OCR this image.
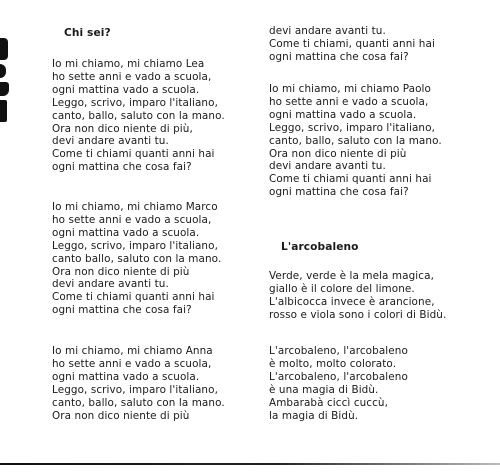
Chi sei?
Io mi chiamo, mi chiamo Lea
ho sette anni e vado a scuola,
ogni mattina vado a scuola.
Leggo, scrivo, imparo l'italiano,
canto, ballo, saluto con la mano.
Ora non dico niente di più,
devi andare avanti tu.
Come ti chiami quanti anni hai
ogni mattina che cosa fai?
Io mi chiamo, mi chiamo Marco
ho sette anni e vado a scuola,
ogni mattina vado a scuola.
Leggo, scrivo, imparo l'italiano,
canto ballo, saluto con la mano.
Ora non dico niente di più
devi andare avanti tu.
Come ti chiami quanti anni hai
ogni mattina che cosa fai?
Io mi chiamo, mi chiamo Anna
ho sette anni e vado a scuola,
ogni mattina vado a scuola.
Leggo, scrivo, imparo l'italiano,
canto, ballo, saluto con la mano.
Ora non dico niente di più
devi andare avanti tu.
Come ti chiami, quanti anni hai
ogni mattina che cosa fai?
Io mi chiamo, mi chiamo Paolo
ho sette anni e vado a scuola,
ogni mattina vado a scuola.
Leggo, scrivo, imparo l'italiano,
canto, ballo, saluto con la mano.
Ora non dico niente di più
devi andare avanti tu.
Come ti chiami quanti anni hai
ogni mattina che cosa fai?
L'arcobaleno
Verde, verde è la mela magica,
giallo è il colore del limone.
L'albicocca invece è arancione,
rosso e viola sono i colori di Bidù.
L'arcobaleno, l'arcobaleno
è molto, molto colorato.
L'arcobaleno, l'arcobaleno
è una magia di Bidù.
Ambarabà ciccì cuccù,
la magia di Bidù.
